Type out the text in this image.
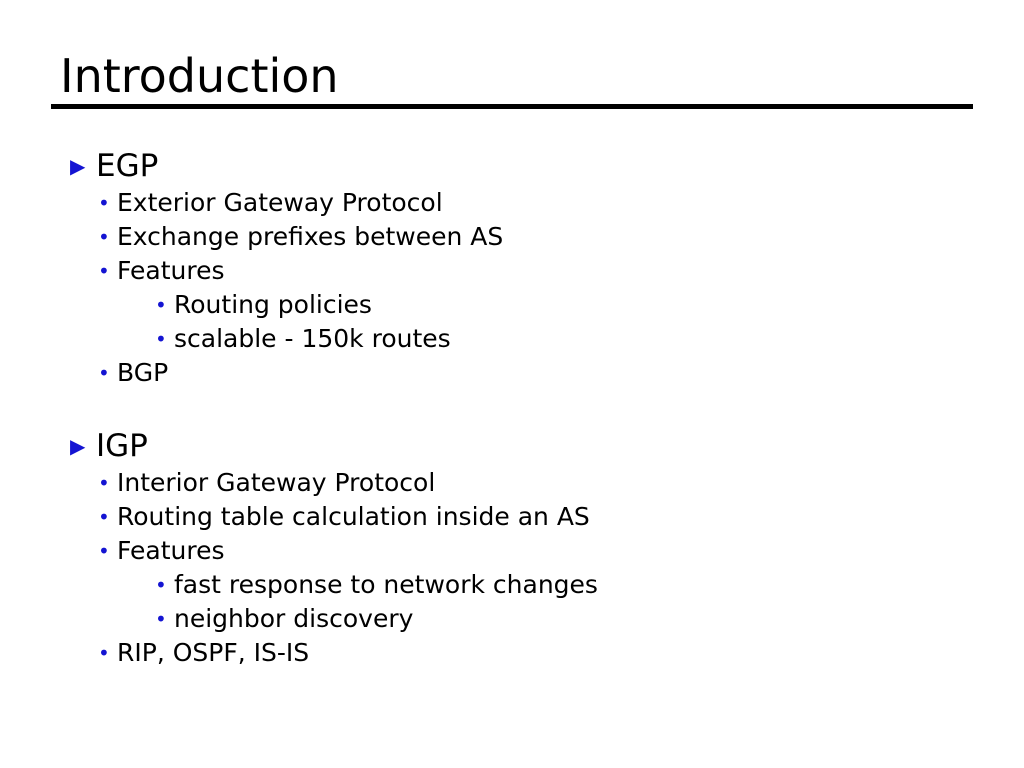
Introduction
▶ EGP
• Exterior Gateway Protocol
• Exchange prefixes between AS
• Features
• Routing policies
• scalable - 150k routes
• BGP
▶ IGP
• Interior Gateway Protocol
• Routing table calculation inside an AS
• Features
• fast response to network changes
• neighbor discovery
• RIP, OSPF, IS-IS
